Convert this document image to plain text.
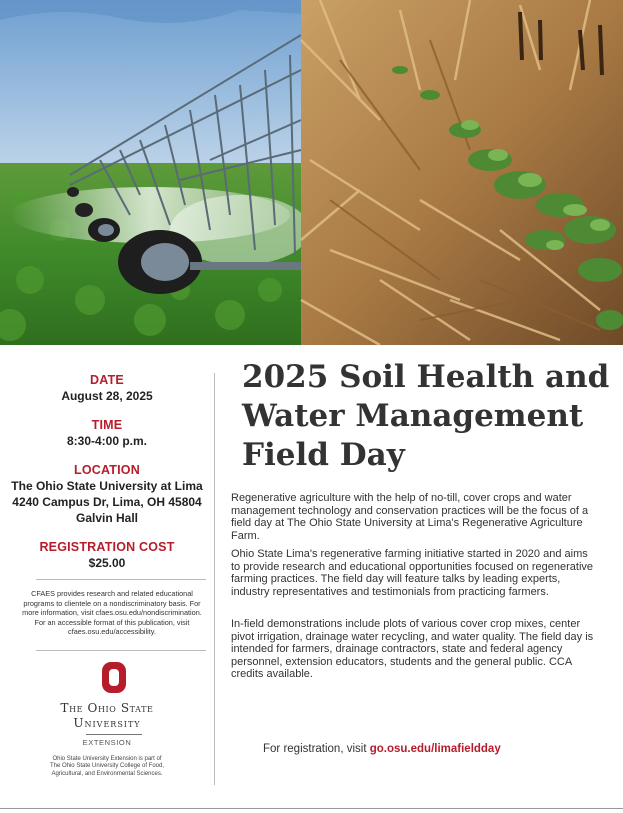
DATE
August 28, 2025
TIME
8:30-4:00 p.m.
LOCATION
The Ohio State University at Lima
4240 Campus Dr, Lima, OH 45804
Galvin Hall
REGISTRATION COST
$25.00
CFAES provides research and related educational
programs to clientele on a nondiscriminatory basis. For
more information, visit cfaes.osu.edu/nondiscrimination.
For an accessible format of this publication, visit
cfaes.osu.edu/accessibility.
The Ohio State
University
EXTENSION
Ohio State University Extension is part of
The Ohio State University College of Food,
Agricultural, and Environmental Sciences.
2025 Soil Health and
Water Management
Field Day

Regenerative agriculture with the help of no-till, cover crops and water management technology and conservation practices will be the focus of a field day at The Ohio State University at Lima's Regenerative Agriculture Farm.

Ohio State Lima's regenerative farming initiative started in 2020 and aims to provide research and educational opportunities focused on regenerative farming practices. The field day will feature talks by leading experts, industry representatives and testimonials from practicing farmers.

In-field demonstrations include plots of various cover crop mixes, center pivot irrigation, drainage water recycling, and water quality. The field day is intended for farmers, drainage contractors, state and federal agency personnel, extension educators, students and the general public. CCA credits available.

For registration, visit go.osu.edu/limafieldday
